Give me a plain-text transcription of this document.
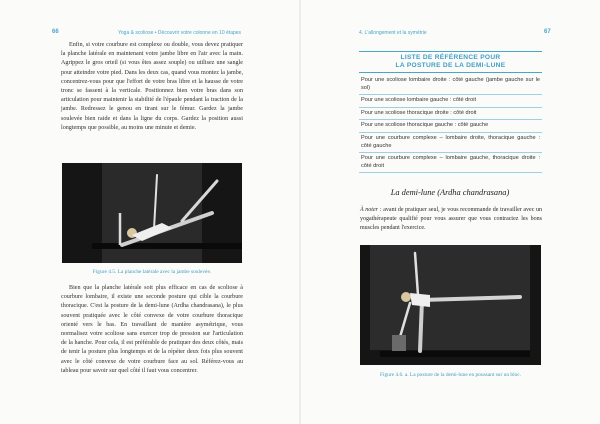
66	Yoga & scoliose • Découvrir votre colonne en 10 étapes

Enfin, si votre courbure est complexe ou double, vous devez pratiquer la planche latérale en maintenant votre jambe libre en l'air avec la main. Agrippez le gros orteil (si vous êtes assez souple) ou utilisez une sangle pour atteindre votre pied. Dans les deux cas, quand vous montez la jambe, concentrez-vous pour que l'effort de votre bras libre et la hausse de votre tronc se fassent à la verticale. Positionnez bien votre bras dans son articulation pour maintenir la stabilité de l'épaule pendant la traction de la jambe. Redressez le genou en tirant sur le fémur. Gardez la jambe soulevée bien raide et dans la ligne du corps. Gardez la position aussi longtemps que possible, au moins une minute et demie.

Figure 4.5. La planche latérale avec la jambe soulevée.

Bien que la planche latérale soit plus efficace en cas de scoliose à courbure lombaire, il existe une seconde posture qui cible la courbure thoracique. C'est la posture de la demi-lune (Ardha chandrasana), le plus souvent pratiquée avec le côté convexe de votre courbure thoracique orienté vers le bas. En travaillant de manière asymétrique, vous normalisez votre scoliose sans exercer trop de pression sur l'articulation de la hanche. Pour cela, il est préférable de pratiquer des deux côtés, mais de tenir la posture plus longtemps et de la répéter deux fois plus souvent avec le côté convexe de votre courbure face au sol. Référez-vous au tableau pour savoir sur quel côté il faut vous concentrer.

4. L'allongement et la symétrie	67
LISTE DE RÉFÉRENCE POUR
LA POSTURE DE LA DEMI-LUNE
Pour une scoliose lombaire droite : côté gauche (jambe gauche sur le sol)
Pour une scoliose lombaire gauche : côté droit
Pour une scoliose thoracique droite : côté droit
Pour une scoliose thoracique gauche : côté gauche
Pour une courbure complexe – lombaire droite, thoracique gauche : côté gauche
Pour une courbure complexe – lombaire gauche, thoracique droite : côté droit
La demi-lune (Ardha chandrasana)
À noter : avant de pratiquer seul, je vous recommande de travailler avec un yogathérapeute qualifié pour vous assurer que vous contractez les bons muscles pendant l'exercice.
Figure 4.6. a. La posture de la demi-lune en poussant sur un bloc.
